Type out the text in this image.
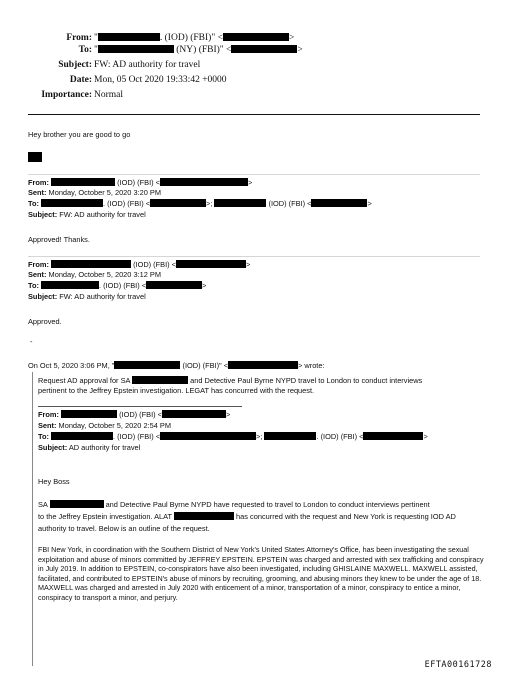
From: "	. (IOD) (FBI)" <	>
To: "	(NY) (FBI)" <	>
Subject: FW: AD authority for travel
Date: Mon, 05 Oct 2020 19:33:42 +0000
Importance: Normal
Hey brother you are good to go
From:	(IOD) (FBI) <	>
Sent: Monday, October 5, 2020 3:20 PM
To:	. (IOD) (FBI) <	>;	(IOD) (FBI) <	>
Subject: FW: AD authority for travel
Approved! Thanks.
From:	(IOD) (FBI) <	>
Sent: Monday, October 5, 2020 3:12 PM
To:	. (IOD) (FBI) <	>
Subject: FW: AD authority for travel
Approved.
-
On Oct 5, 2020 3:06 PM, "	(IOD) (FBI)" <	> wrote:
Request AD approval for SA	and Detective Paul Byrne NYPD travel to London to conduct interviews
pertinent to the Jeffrey Epstein investigation. LEGAT has concurred with the request.
From:	(IOD) (FBI) <	>
Sent: Monday, October 5, 2020 2:54 PM
To:	. (IOD) (FBI) <	>;	. (IOD) (FBI) <	>
Subject: AD authority for travel
Hey Boss
SA	and Detective Paul Byrne NYPD have requested to travel to London to conduct interviews pertinent
to the Jeffrey Epstein investigation. ALAT	has concurred with the request and New York is requesting IOD AD
authority to travel. Below is an outline of the request.
FBI New York, in coordination with the Southern District of New York's United States Attorney's Office, has been investigating the sexual exploitation and abuse of minors committed by JEFFREY EPSTEIN. EPSTEIN was charged and arrested with sex trafficking and conspiracy in July 2019. In addition to EPSTEIN, co-conspirators have also been investigated, including GHISLAINE MAXWELL. MAXWELL assisted, facilitated, and contributed to EPSTEIN's abuse of minors by recruiting, grooming, and abusing minors they knew to be under the age of 18. MAXWELL was charged and arrested in July 2020 with enticement of a minor, transportation of a minor, conspiracy to entice a minor, conspiracy to transport a minor, and perjury.
EFTA00161728
